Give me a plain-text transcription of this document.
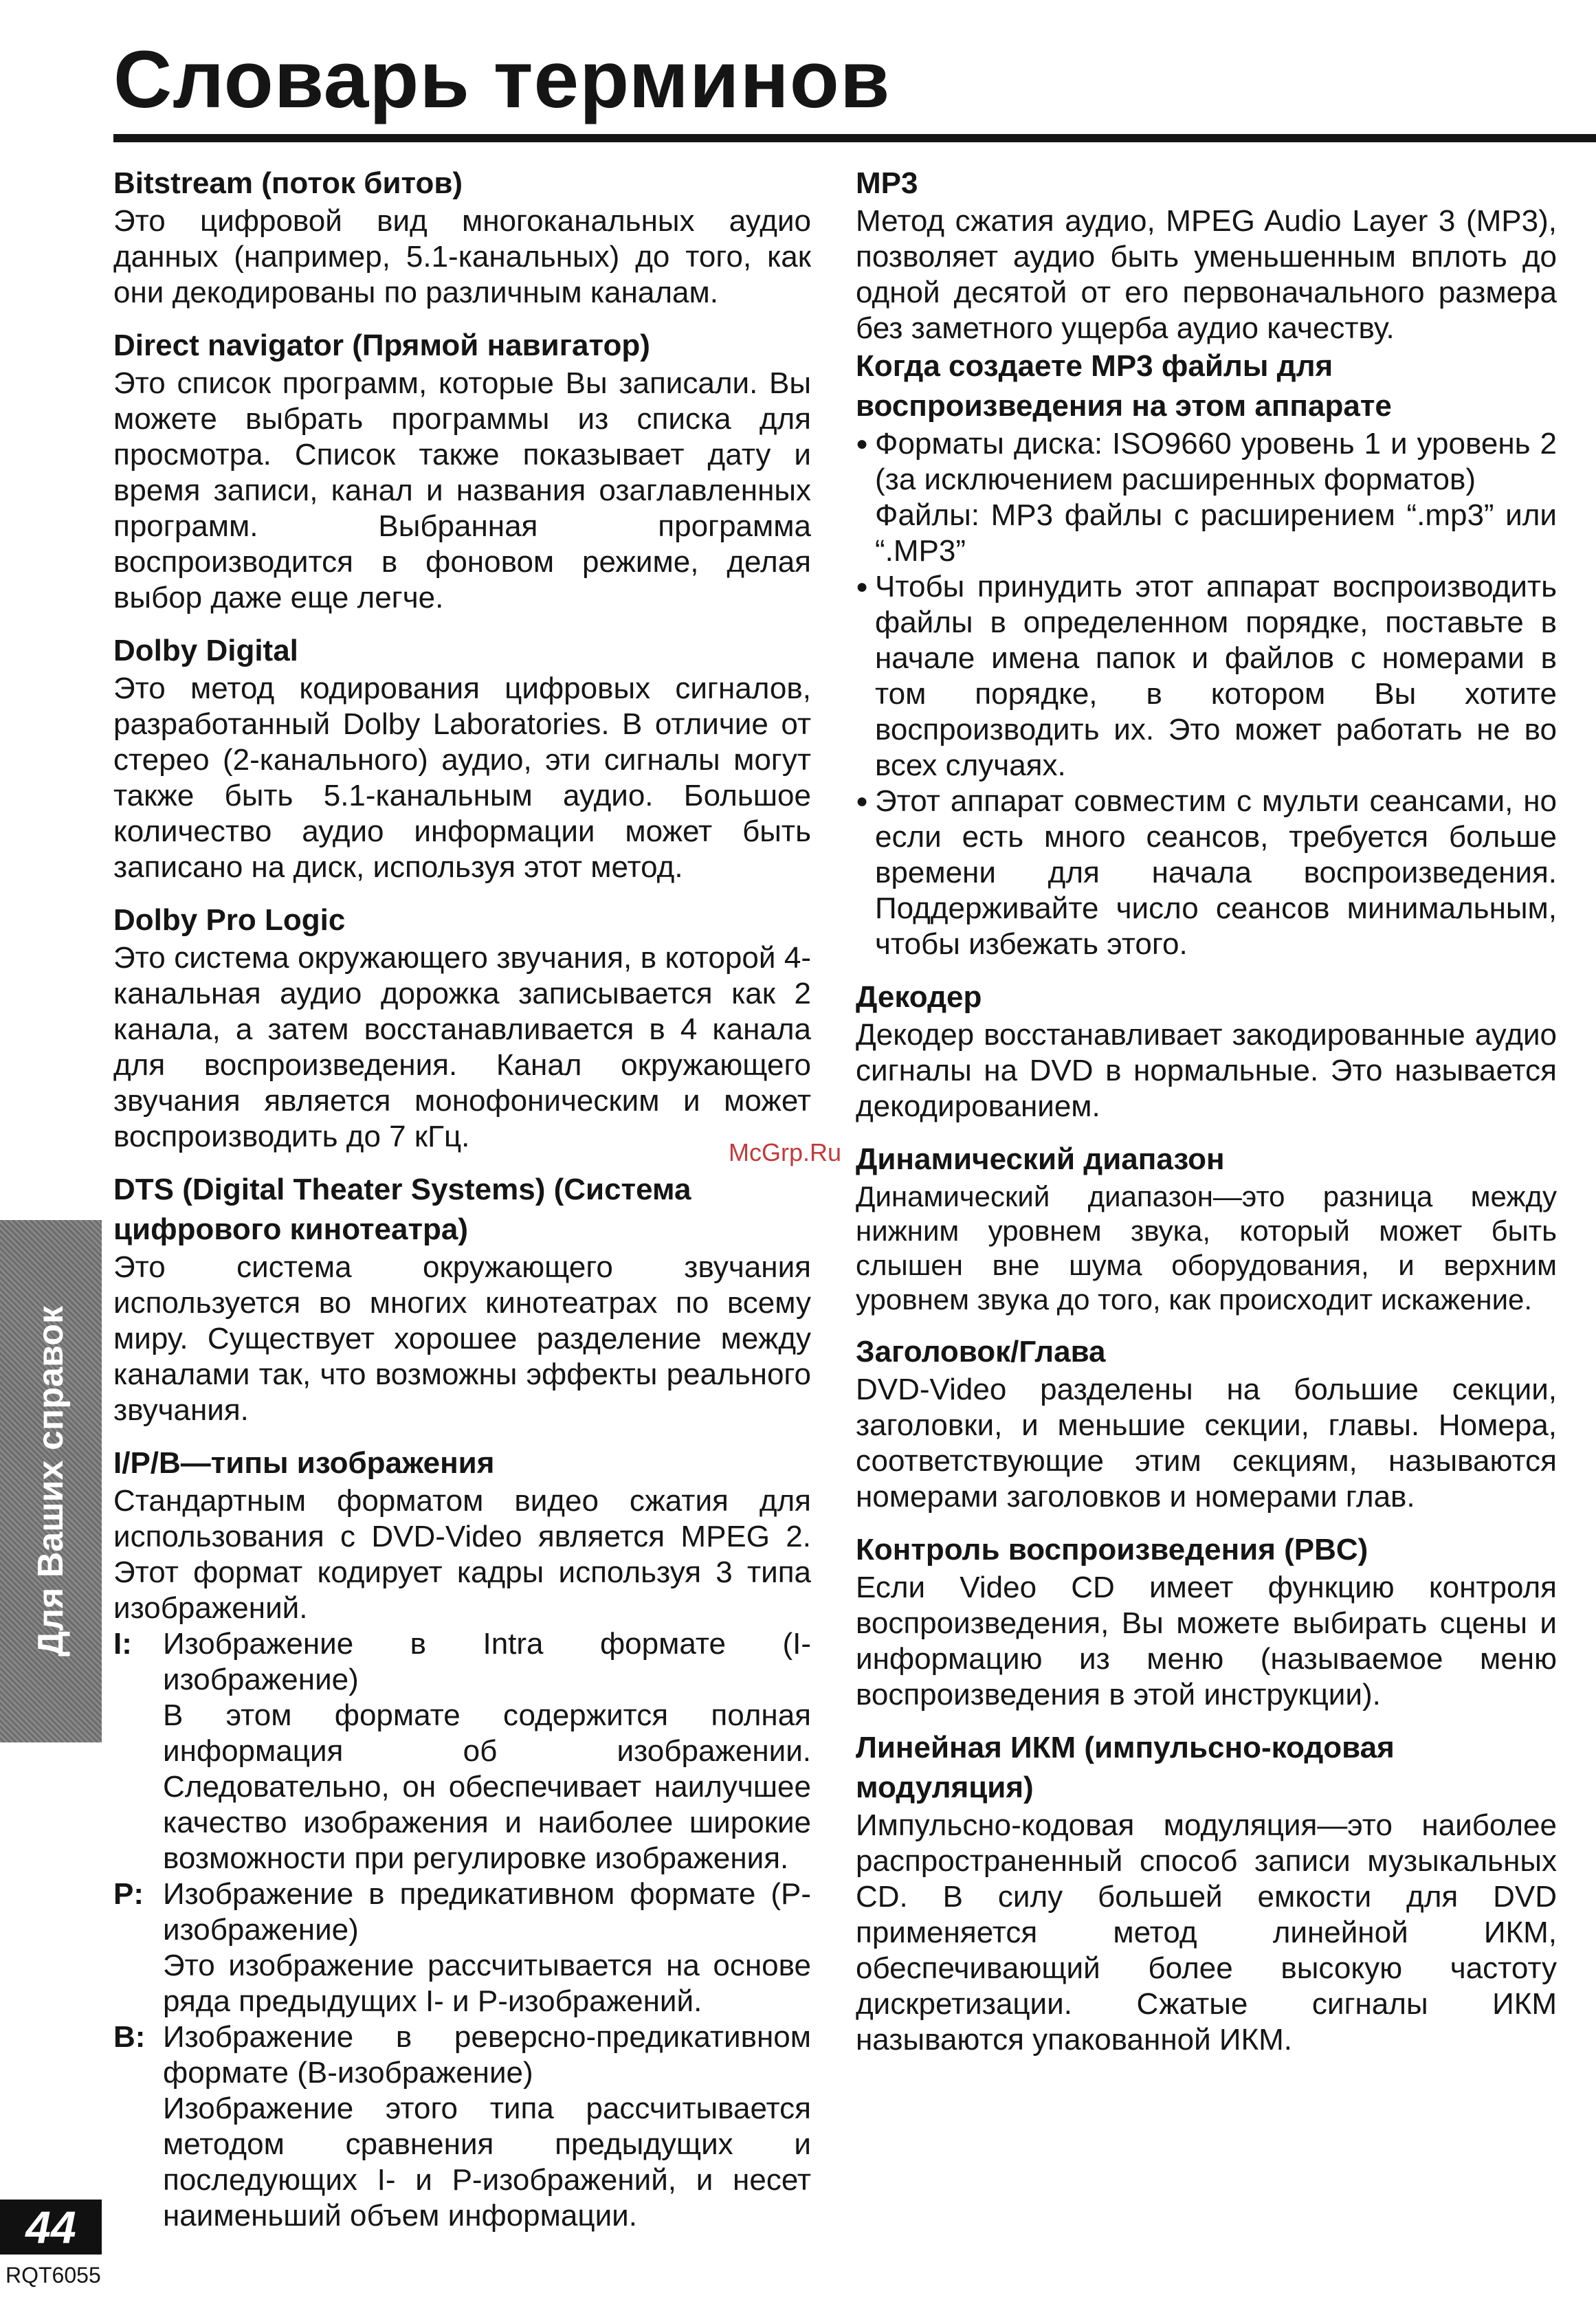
Словарь терминов

Bitstream (поток битов)

Это цифровой вид многоканальных аудио данных (например, 5.1-канальных) до того, как они декодированы по различным каналам.

Direct navigator (Прямой навигатор)

Это список программ, которые Вы записали. Вы можете выбрать программы из списка для просмотра. Список также показывает дату и время записи, канал и названия озаглавленных программ. Выбранная программа воспроизводится в фоновом режиме, делая выбор даже еще легче.

Dolby Digital

Это метод кодирования цифровых сигналов, разработанный Dolby Laboratories. В отличие от стерео (2-канального) аудио, эти сигналы могут также быть 5.1-канальным аудио. Большое количество аудио информации может быть записано на диск, используя этот метод.

Dolby Pro Logic

Это система окружающего звучания, в которой 4-канальная аудио дорожка записывается как 2 канала, а затем восстанавливается в 4 канала для воспроизведения. Канал окружающего звучания является монофоническим и может воспроизводить до 7 кГц.

DTS (Digital Theater Systems) (Система цифрового кинотеатра)

Это система окружающего звучания используется во многих кинотеатрах по всему миру. Существует хорошее разделение между каналами так, что возможны эффекты реального звучания.

I/P/B—типы изображения

Стандартным форматом видео сжатия для использования с DVD-Video является MPEG 2. Этот формат кодирует кадры используя 3 типа изображений.

I:	Изображение в Intra формате (I-изображение)

В этом формате содержится полная информация об изображении. Следовательно, он обеспечивает наилучшее качество изображения и наиболее широкие возможности при регулировке изображения.

P: Изображение в предикативном формате (P-изображение)

Это изображение рассчитывается на основе ряда предыдущих I- и P-изображений.

B: Изображение в реверсно-предикативном формате (B-изображение)

Изображение этого типа рассчитывается методом сравнения предыдущих и последующих I- и P-изображений, и несет наименьший объем информации.

MP3

Метод сжатия аудио, MPEG Audio Layer 3 (MP3), позволяет аудио быть уменьшенным вплоть до одной десятой от его первоначального размера без заметного ущерба аудио качеству.

Когда создаете MP3 файлы для воспроизведения на этом аппарате

● Форматы диска: ISO9660 уровень 1 и уровень 2 (за исключением расширенных форматов)

Файлы: MP3 файлы с расширением “.mp3” или “.MP3”

● Чтобы принудить этот аппарат воспроизводить файлы в определенном порядке, поставьте в начале имена папок и файлов с номерами в том порядке, в котором Вы хотите воспроизводить их. Это может работать не во всех случаях.

● Этот аппарат совместим с мульти сеансами, но если есть много сеансов, требуется больше времени для начала воспроизведения. Поддерживайте число сеансов минимальным, чтобы избежать этого.

Декодер

Декодер восстанавливает закодированные аудио сигналы на DVD в нормальные. Это называется декодированием.

Динамический диапазон

Динамический диапазон—это разница между нижним уровнем звука, который может быть слышен вне шума оборудования, и верхним уровнем звука до того, как происходит искажение.

Заголовок/Глава

DVD-Video разделены на большие секции, заголовки, и меньшие секции, главы. Номера, соответствующие этим секциям, называются номерами заголовков и номерами глав.

Контроль воспроизведения (PBC)

Если Video CD имеет функцию контроля воспроизведения, Вы можете выбирать сцены и информацию из меню (называемое меню воспроизведения в этой инструкции).

Линейная ИКМ (импульсно-кодовая модуляция)

Импульсно-кодовая модуляция—это наиболее распространенный способ записи музыкальных CD. В силу большей емкости для DVD применяется метод линейной ИКМ, обеспечивающий более высокую частоту дискретизации. Сжатые сигналы ИКМ называются упакованной ИКМ.

Для Ваших справок
44
RQT6055
McGrp.Ru
